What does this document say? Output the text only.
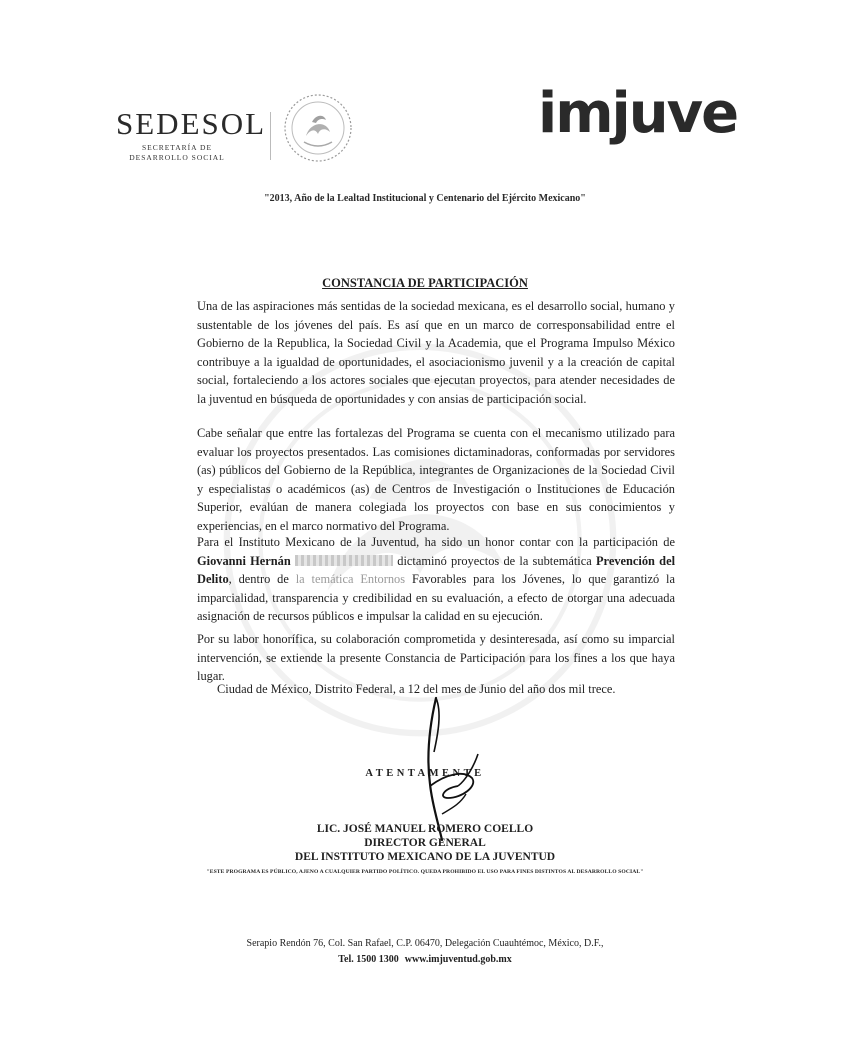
SEDESOL
SECRETARÍA DE
DESARROLLO SOCIAL
imjuve
"2013, Año de la Lealtad Institucional y Centenario del Ejército Mexicano"
CONSTANCIA DE PARTICIPACIÓN

Una de las aspiraciones más sentidas de la sociedad mexicana, es el desarrollo social, humano y sustentable de los jóvenes del país. Es así que en un marco de corresponsabilidad entre el Gobierno de la Republica, la Sociedad Civil y la Academia, que el Programa Impulso México contribuye a la igualdad de oportunidades, el asociacionismo juvenil y a la creación de capital social, fortaleciendo a los actores sociales que ejecutan proyectos, para atender necesidades de la juventud en búsqueda de oportunidades y con ansias de participación social.

Cabe señalar que entre las fortalezas del Programa se cuenta con el mecanismo utilizado para evaluar los proyectos presentados. Las comisiones dictaminadoras, conformadas por servidores (as) públicos del Gobierno de la República, integrantes de Organizaciones de la Sociedad Civil y especialistas o académicos (as) de Centros de Investigación o Instituciones de Educación Superior, evalúan de manera colegiada los proyectos con base en sus conocimientos y experiencias, en el marco normativo del Programa.

Para el Instituto Mexicano de la Juventud, ha sido un honor contar con la participación de Giovanni Hernán	dictaminó proyectos de la subtemática Prevención del Delito, dentro de la temática Entornos Favorables para los Jóvenes, lo que garantizó la imparcialidad, transparencia y credibilidad en su evaluación, a efecto de otorgar una adecuada asignación de recursos públicos e impulsar la calidad en su ejecución.

Por su labor honorífica, su colaboración comprometida y desinteresada, así como su imparcial intervención, se extiende la presente Constancia de Participación para los fines a los que haya lugar.

Ciudad de México, Distrito Federal, a 12 del mes de Junio del año dos mil trece.
ATENTAMENTE
LIC. JOSÉ MANUEL ROMERO COELLO
DIRECTOR GENERAL
DEL INSTITUTO MEXICANO DE LA JUVENTUD
"ESTE PROGRAMA ES PÚBLICO, AJENO A CUALQUIER PARTIDO POLÍTICO. QUEDA PROHIBIDO EL USO PARA FINES DISTINTOS AL DESARROLLO SOCIAL"
Serapio Rendón 76, Col. San Rafael, C.P. 06470, Delegación Cuauhtémoc, México, D.F.,
Tel. 1500 1300 www.imjuventud.gob.mx
